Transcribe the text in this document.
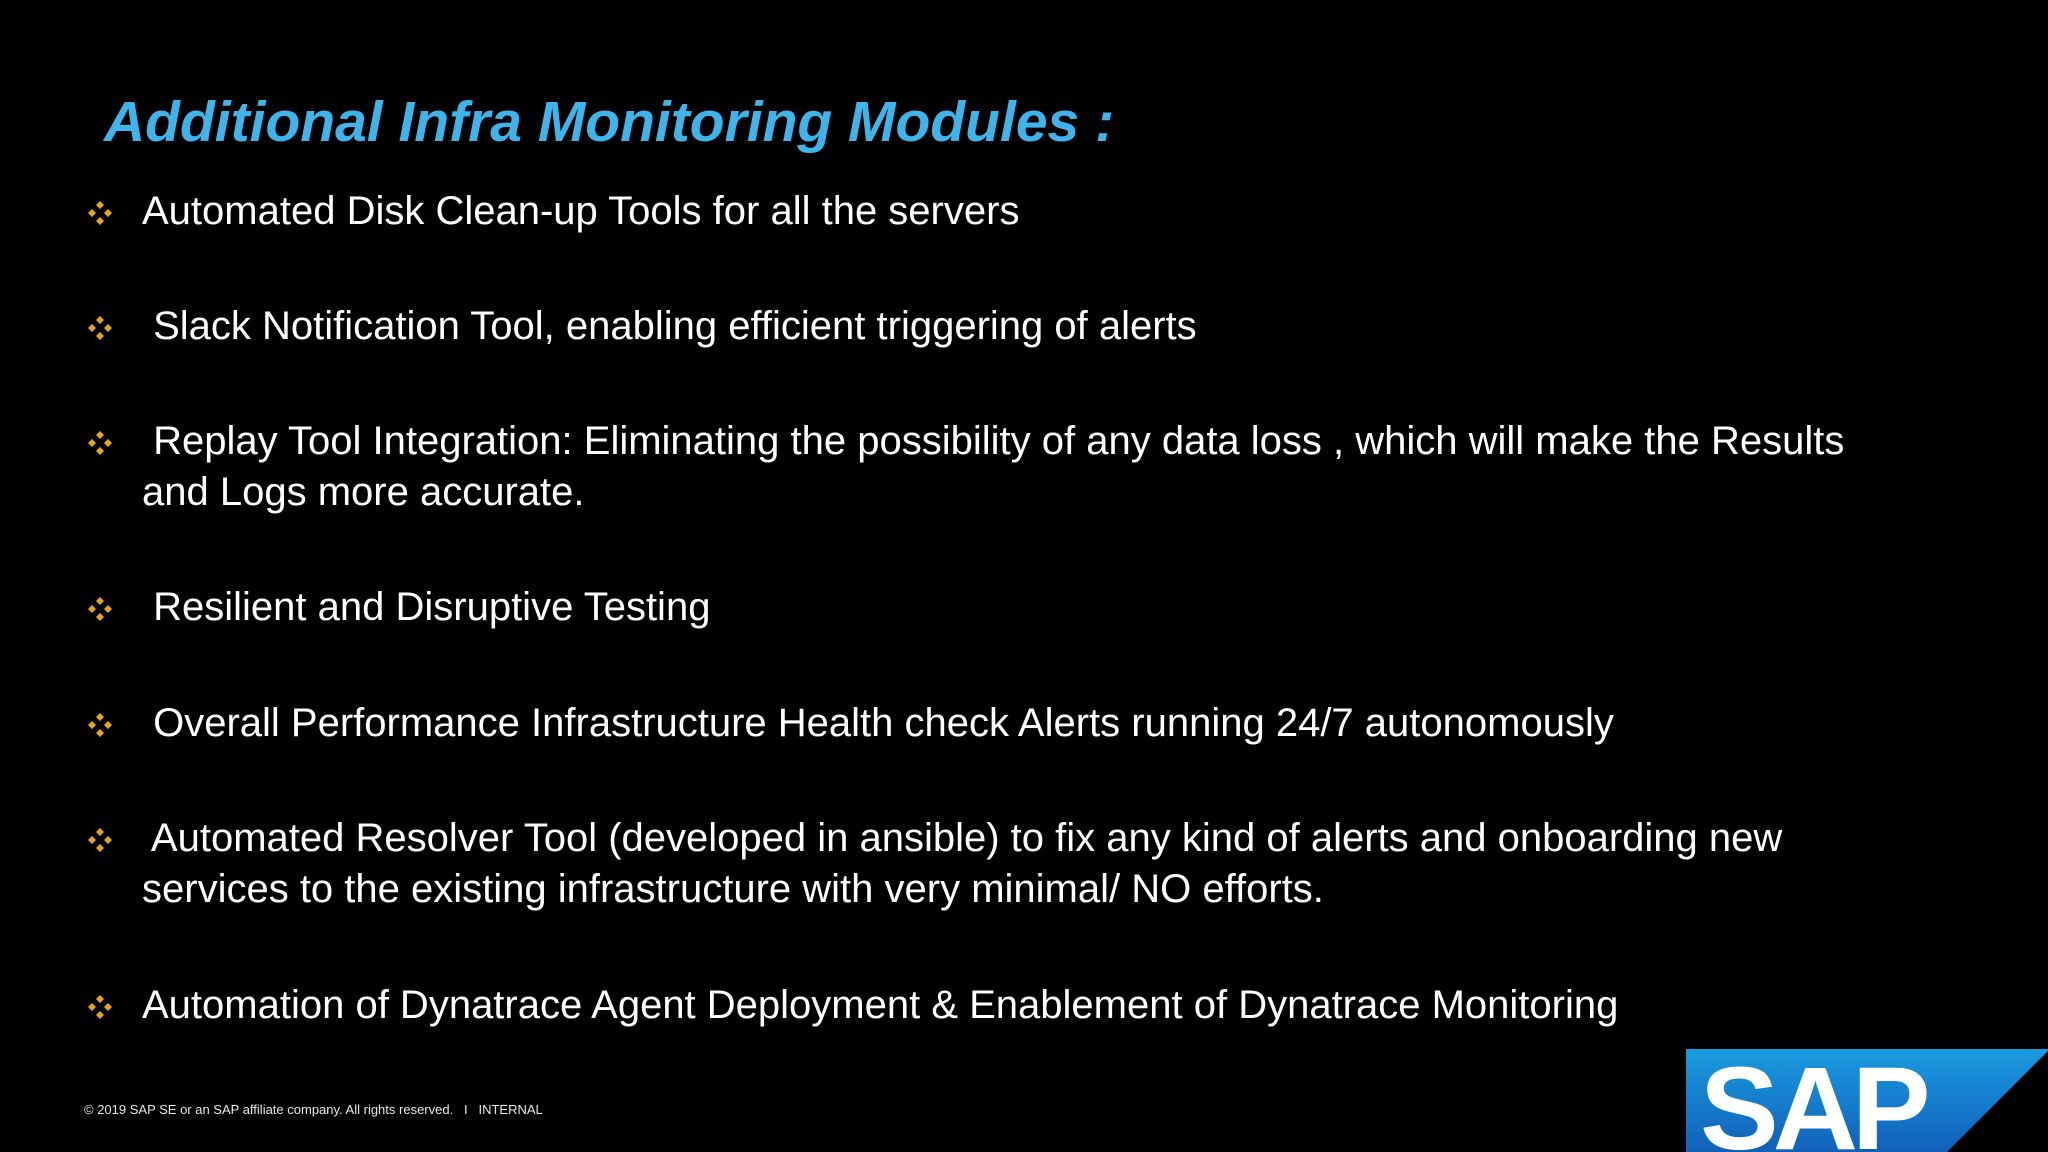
Additional Infra Monitoring Modules :

Automated Disk Clean-up Tools for all the servers

Slack Notification Tool, enabling efficient triggering of alerts

Replay Tool Integration: Eliminating the possibility of any data loss , which will make the Results
and Logs more accurate.

Resilient and Disruptive Testing

Overall Performance Infrastructure Health check Alerts running 24/7 autonomously

Automated Resolver Tool (developed in ansible) to fix any kind of alerts and onboarding new
services to the existing infrastructure with very minimal/ NO efforts.

Automation of Dynatrace Agent Deployment & Enablement of Dynatrace Monitoring

© 2019 SAP SE or an SAP affiliate company. All rights reserved.   I   INTERNAL	SAP
